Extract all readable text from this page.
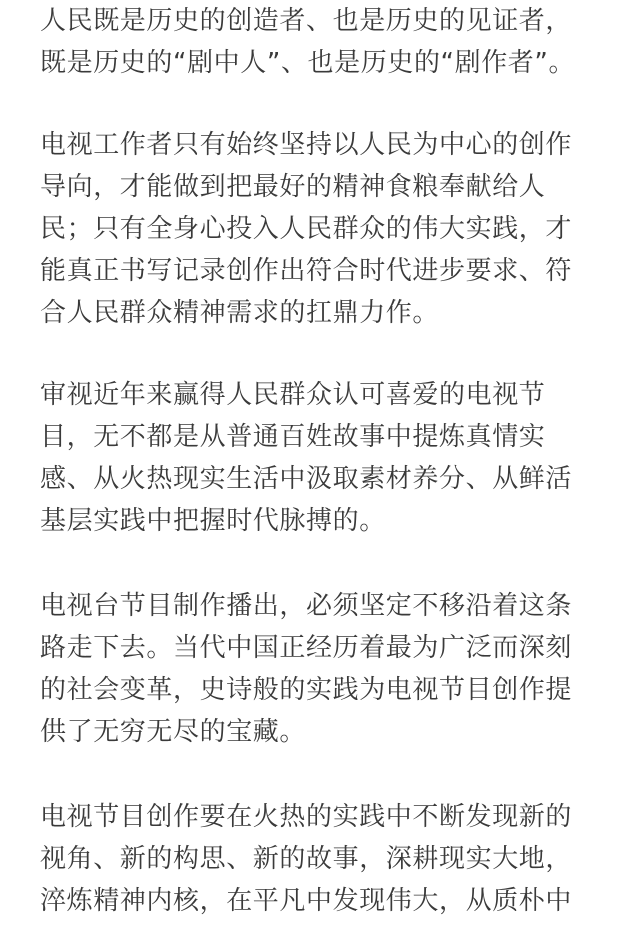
人民既是历史的创造者、也是历史的见证者，
既是历史的“剧中人”、也是历史的“剧作者”。
电视工作者只有始终坚持以人民为中心的创作
导向，才能做到把最好的精神食粮奉献给人
民；只有全身心投入人民群众的伟大实践，才
能真正书写记录创作出符合时代进步要求、符
合人民群众精神需求的扛鼎力作。
审视近年来赢得人民群众认可喜爱的电视节
目，无不都是从普通百姓故事中提炼真情实
感、从火热现实生活中汲取素材养分、从鲜活
基层实践中把握时代脉搏的。
电视台节目制作播出，必须坚定不移沿着这条
路走下去。当代中国正经历着最为广泛而深刻
的社会变革，史诗般的实践为电视节目创作提
供了无穷无尽的宝藏。
电视节目创作要在火热的实践中不断发现新的
视角、新的构思、新的故事，深耕现实大地，
淬炼精神内核，在平凡中发现伟大，从质朴中
